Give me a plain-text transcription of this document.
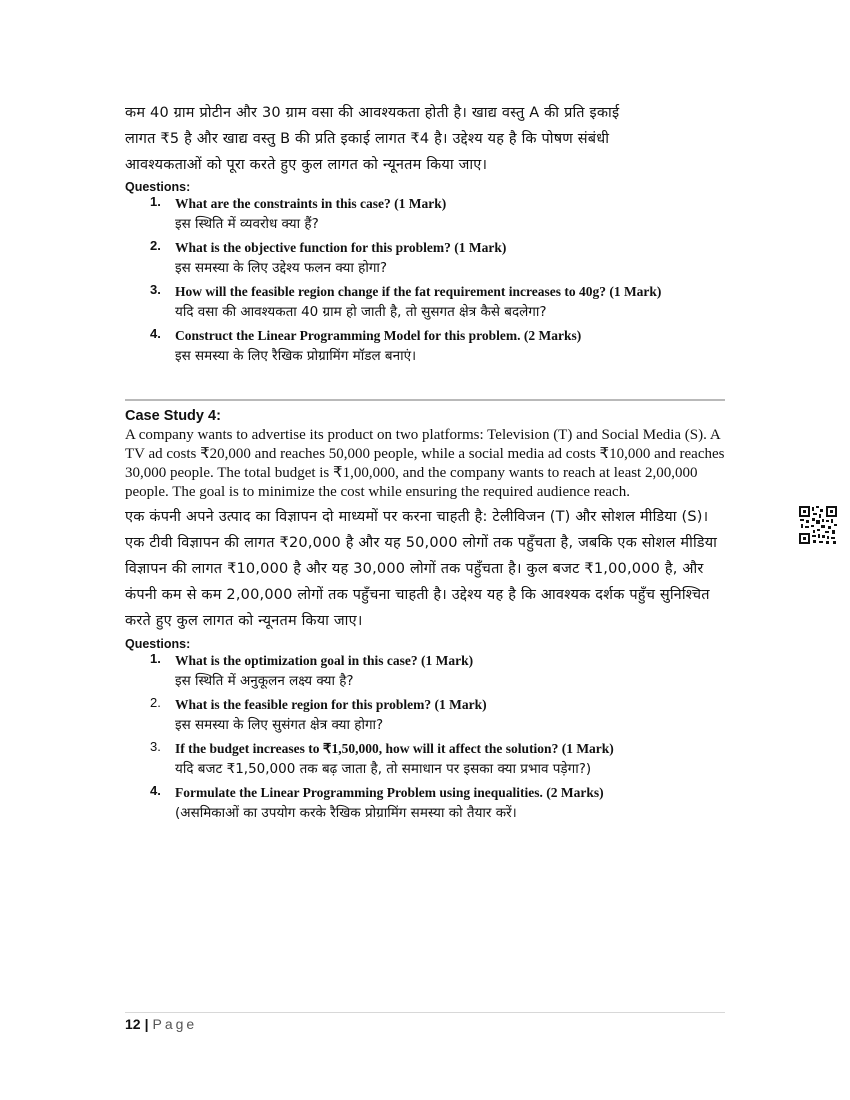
कम 40 ग्राम प्रोटीन और 30 ग्राम वसा की आवश्यकता होती है। खाद्य वस्तु A की प्रति इकाई

लागत ₹5 है और खाद्य वस्तु B की प्रति इकाई लागत ₹4 है। उद्देश्य यह है कि पोषण संबंधी

आवश्यकताओं को पूरा करते हुए कुल लागत को न्यूनतम किया जाए।

Questions:

1. What are the constraints in this case? (1 Mark)

इस स्थिति में व्यवरोध क्या हैं?

2. What is the objective function for this problem? (1 Mark)

इस समस्या के लिए उद्देश्य फलन क्या होगा?

3. How will the feasible region change if the fat requirement increases to 40g? (1 Mark)

यदि वसा की आवश्यकता 40 ग्राम हो जाती है, तो सुसगत क्षेत्र कैसे बदलेगा?

4. Construct the Linear Programming Model for this problem. (2 Marks)

इस समस्या के लिए रैखिक प्रोग्रामिंग मॉडल बनाएं।

Case Study 4:

A company wants to advertise its product on two platforms: Television (T) and Social Media (S). A TV ad costs ₹20,000 and reaches 50,000 people, while a social media ad costs ₹10,000 and reaches 30,000 people. The total budget is ₹1,00,000, and the company wants to reach at least 2,00,000 people. The goal is to minimize the cost while ensuring the required audience reach.

एक कंपनी अपने उत्पाद का विज्ञापन दो माध्यमों पर करना चाहती है: टेलीविजन (T) और सोशल मीडिया (S)। एक टीवी विज्ञापन की लागत ₹20,000 है और यह 50,000 लोगों तक पहुँचता है, जबकि एक सोशल मीडिया विज्ञापन की लागत ₹10,000 है और यह 30,000 लोगों तक पहुँचता है। कुल बजट ₹1,00,000 है, और कंपनी कम से कम 2,00,000 लोगों तक पहुँचना चाहती है। उद्देश्य यह है कि आवश्यक दर्शक पहुँच सुनिश्चित करते हुए कुल लागत को न्यूनतम किया जाए।

Questions:

1. What is the optimization goal in this case? (1 Mark)

इस स्थिति में अनुकूलन लक्ष्य क्या है?

2. What is the feasible region for this problem? (1 Mark)

इस समस्या के लिए सुसंगत क्षेत्र क्या होगा?

3. If the budget increases to ₹1,50,000, how will it affect the solution? (1 Mark)

यदि बजट ₹1,50,000 तक बढ़ जाता है, तो समाधान पर इसका क्या प्रभाव पड़ेगा?)

4. Formulate the Linear Programming Problem using inequalities. (2 Marks)

(असमिकाओं का उपयोग करके रैखिक प्रोग्रामिंग समस्या को तैयार करें।

12 | Page
